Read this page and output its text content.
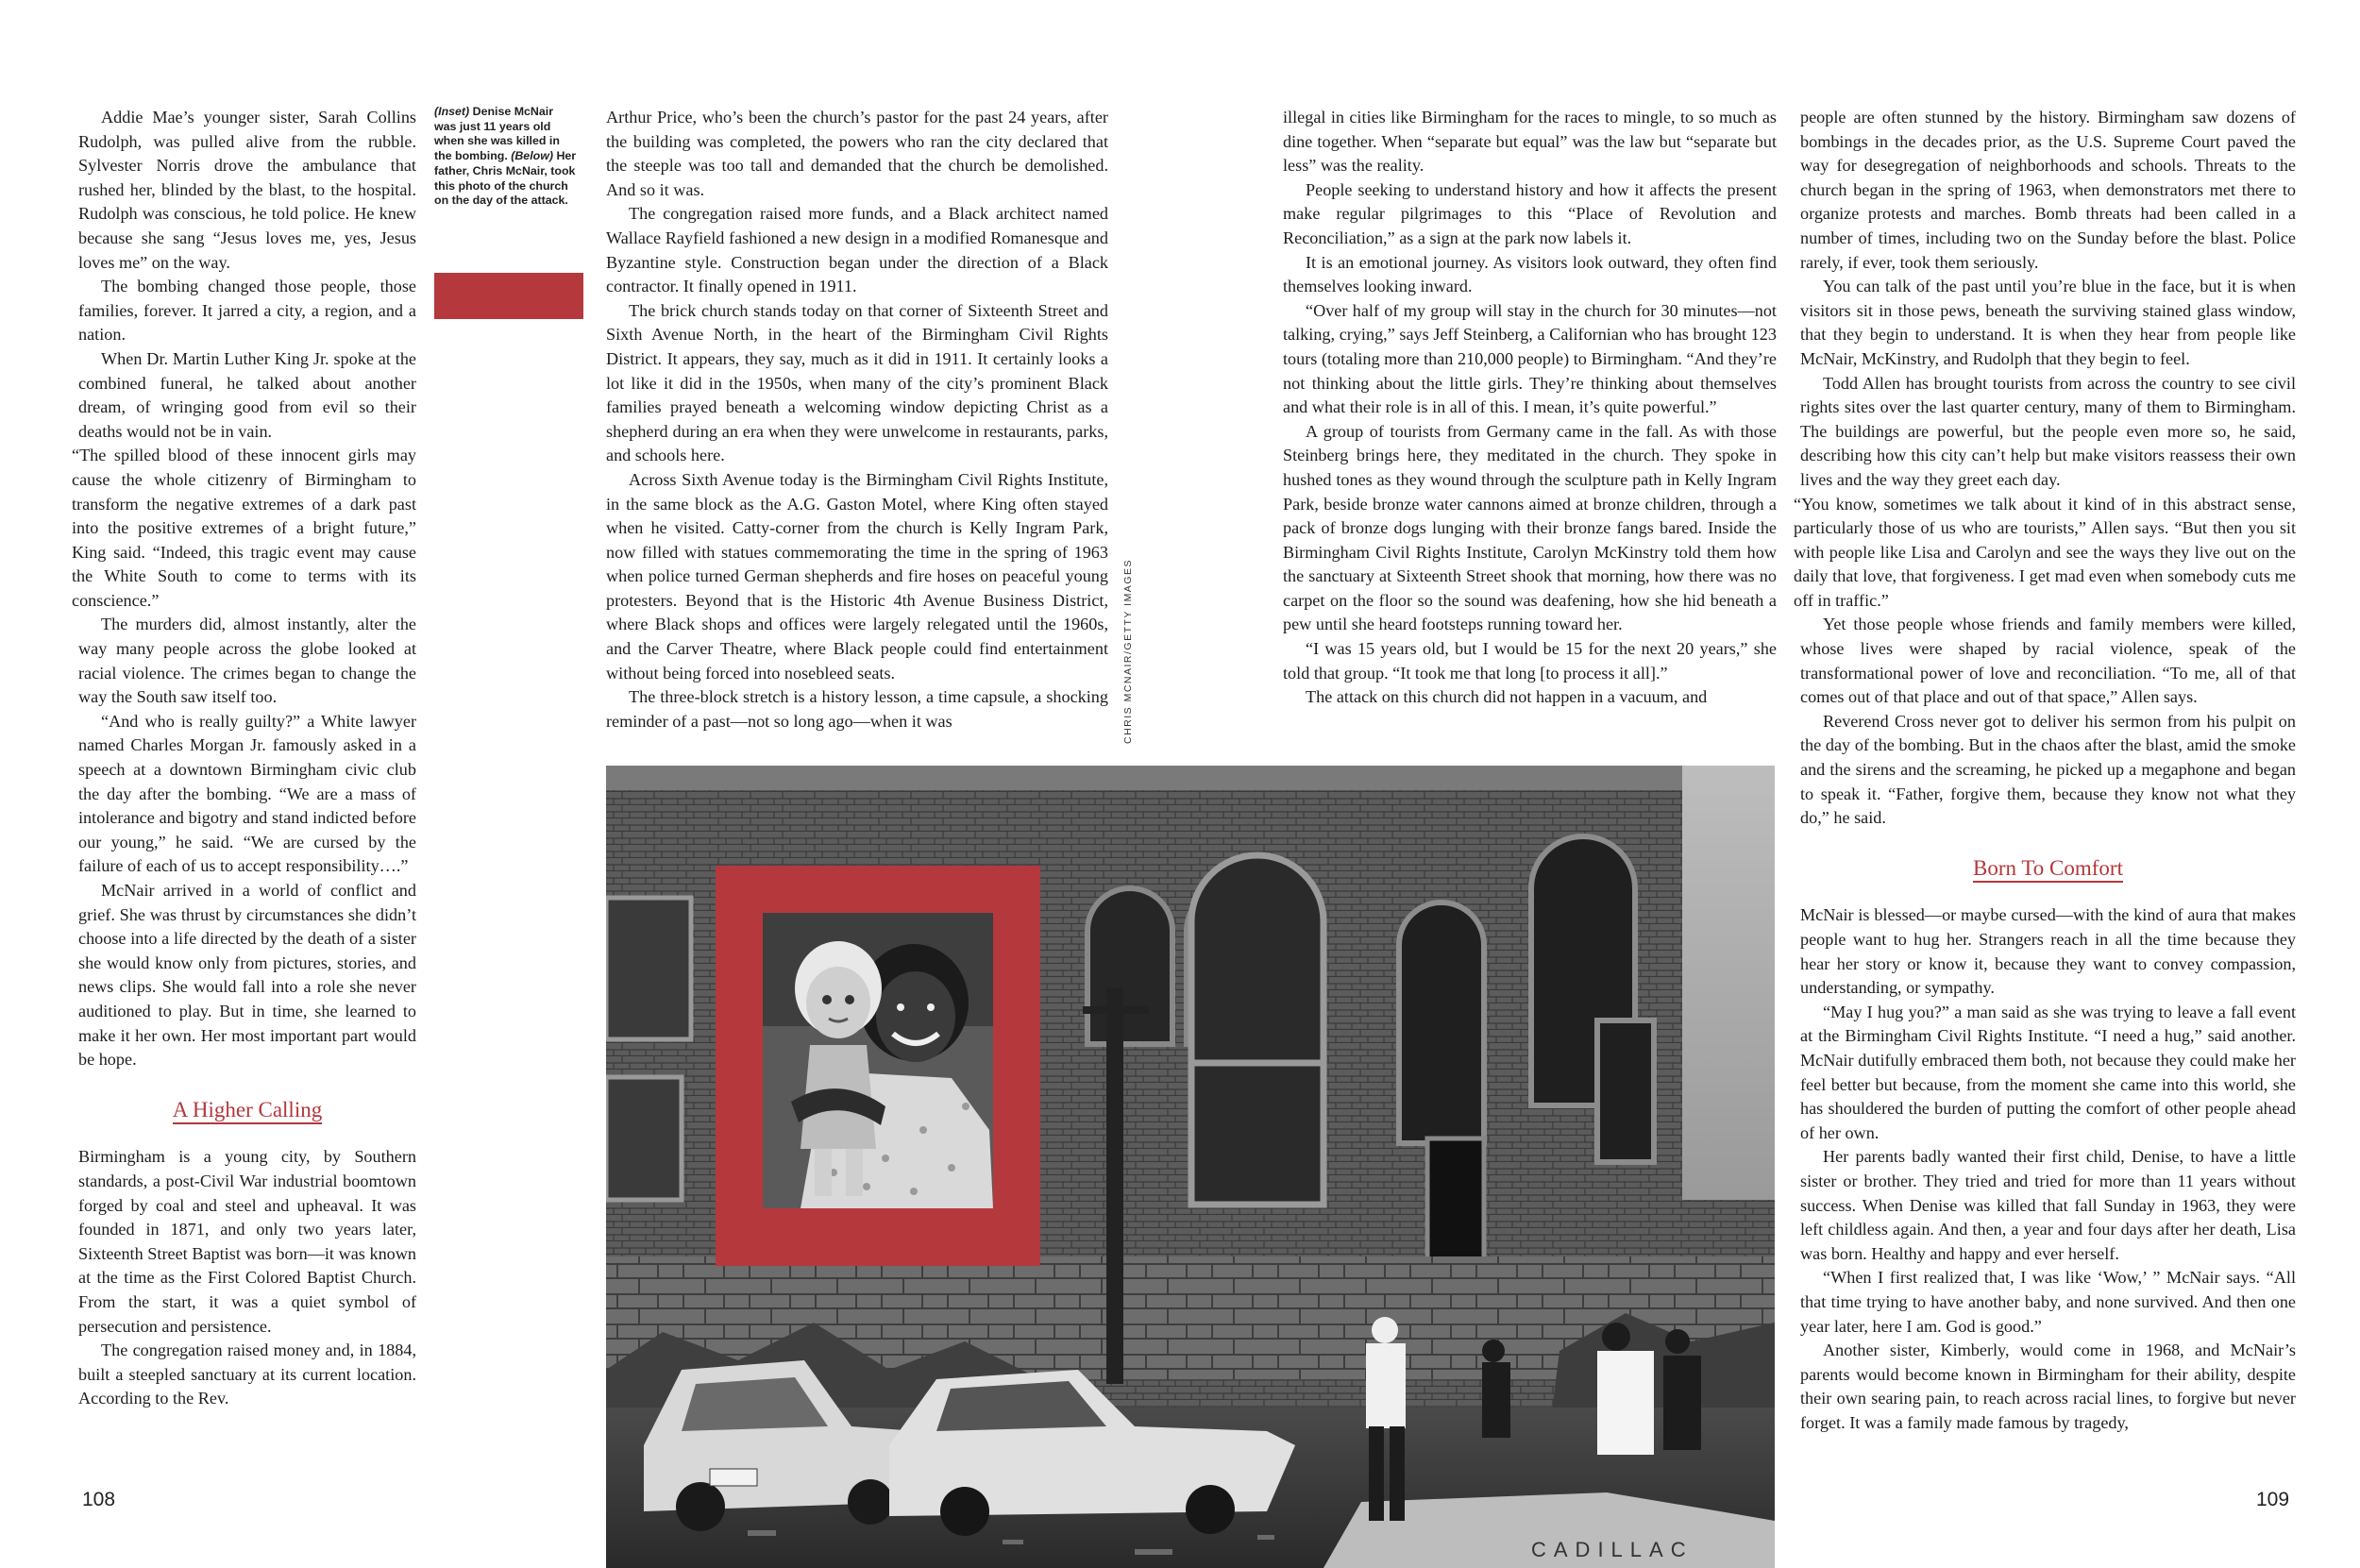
Addie Mae’s younger sister, Sarah Collins Rudolph, was pulled alive from the rubble. Sylvester Norris drove the ambulance that rushed her, blinded by the blast, to the hospital. Rudolph was conscious, he told police. He knew because she sang “Jesus loves me, yes, Jesus loves me” on the way.

The bombing changed those people, those families, forever. It jarred a city, a region, and a nation.

When Dr. Martin Luther King Jr. spoke at the combined funeral, he talked about another dream, of wringing good from evil so their deaths would not be in vain.

“The spilled blood of these innocent girls may cause the whole citizenry of Birmingham to transform the negative extremes of a dark past into the positive extremes of a bright future,” King said. “Indeed, this tragic event may cause the White South to come to terms with its conscience.”

The murders did, almost instantly, alter the way many people across the globe looked at racial violence. The crimes began to change the way the South saw itself too.

“And who is really guilty?” a White lawyer named Charles Morgan Jr. famously asked in a speech at a downtown Birmingham civic club the day after the bombing. “We are a mass of intolerance and bigotry and stand indicted before our young,” he said. “We are cursed by the failure of each of us to accept responsibility….”

McNair arrived in a world of conflict and grief. She was thrust by circumstances she didn’t choose into a life directed by the death of a sister she would know only from pictures, stories, and news clips. She would fall into a role she never auditioned to play. But in time, she learned to make it her own. Her most important part would be hope.

A Higher Calling

Birmingham is a young city, by Southern standards, a post-Civil War industrial boomtown forged by coal and steel and upheaval. It was founded in 1871, and only two years later, Sixteenth Street Baptist was born—it was known at the time as the First Colored Baptist Church. From the start, it was a quiet symbol of persecution and persistence.

The congregation raised money and, in 1884, built a steepled sanctuary at its current location. According to the Rev.

(Inset) Denise McNair was just 11 years old when she was killed in the bombing. (Below) Her father, Chris McNair, took this photo of the church on the day of the attack.

Arthur Price, who’s been the church’s pastor for the past 24 years, after the building was completed, the powers who ran the city declared that the steeple was too tall and demanded that the church be demolished. And so it was.

The congregation raised more funds, and a Black architect named Wallace Rayfield fashioned a new design in a modified Romanesque and Byzantine style. Construction began under the direction of a Black contractor. It finally opened in 1911.

The brick church stands today on that corner of Sixteenth Street and Sixth Avenue North, in the heart of the Birmingham Civil Rights District. It appears, they say, much as it did in 1911. It certainly looks a lot like it did in the 1950s, when many of the city’s prominent Black families prayed beneath a welcoming window depicting Christ as a shepherd during an era when they were unwelcome in restaurants, parks, and schools here.

Across Sixth Avenue today is the Birmingham Civil Rights Institute, in the same block as the A.G. Gaston Motel, where King often stayed when he visited. Catty-corner from the church is Kelly Ingram Park, now filled with statues commemorating the time in the spring of 1963 when police turned German shepherds and fire hoses on peaceful young protesters. Beyond that is the Historic 4th Avenue Business District, where Black shops and offices were largely relegated until the 1960s, and the Carver Theatre, where Black people could find entertainment without being forced into nosebleed seats.

The three-block stretch is a history lesson, a time capsule, a shocking reminder of a past—not so long ago—when it was	CHRIS MCNAIR/GETTY IMAGES

illegal in cities like Birmingham for the races to mingle, to so much as dine together. When “separate but equal” was the law but “separate but less” was the reality.

People seeking to understand history and how it affects the present make regular pilgrimages to this “Place of Revolution and Reconciliation,” as a sign at the park now labels it.

It is an emotional journey. As visitors look outward, they often find themselves looking inward.

“Over half of my group will stay in the church for 30 minutes—not talking, crying,” says Jeff Steinberg, a Californian who has brought 123 tours (totaling more than 210,000 people) to Birmingham. “And they’re not thinking about the little girls. They’re thinking about themselves and what their role is in all of this. I mean, it’s quite powerful.”

A group of tourists from Germany came in the fall. As with those Steinberg brings here, they meditated in the church. They spoke in hushed tones as they wound through the sculpture path in Kelly Ingram Park, beside bronze water cannons aimed at bronze children, through a pack of bronze dogs lunging with their bronze fangs bared. Inside the Birmingham Civil Rights Institute, Carolyn McKinstry told them how the sanctuary at Sixteenth Street shook that morning, how there was no carpet on the floor so the sound was deafening, how she hid beneath a pew until she heard footsteps running toward her.

“I was 15 years old, but I would be 15 for the next 20 years,” she told that group. “It took me that long [to process it all].”

The attack on this church did not happen in a vacuum, and

people are often stunned by the history. Birmingham saw dozens of bombings in the decades prior, as the U.S. Supreme Court paved the way for desegregation of neighborhoods and schools. Threats to the church began in the spring of 1963, when demonstrators met there to organize protests and marches. Bomb threats had been called in a number of times, including two on the Sunday before the blast. Police rarely, if ever, took them seriously.

You can talk of the past until you’re blue in the face, but it is when visitors sit in those pews, beneath the surviving stained glass window, that they begin to understand. It is when they hear from people like McNair, McKinstry, and Rudolph that they begin to feel.

Todd Allen has brought tourists from across the country to see civil rights sites over the last quarter century, many of them to Birmingham. The buildings are powerful, but the people even more so, he said, describing how this city can’t help but make visitors reassess their own lives and the way they greet each day.

“You know, sometimes we talk about it kind of in this abstract sense, particularly those of us who are tourists,” Allen says. “But then you sit with people like Lisa and Carolyn and see the ways they live out on the daily that love, that forgiveness. I get mad even when somebody cuts me off in traffic.”

Yet those people whose friends and family members were killed, whose lives were shaped by racial violence, speak of the transformational power of love and reconciliation. “To me, all of that comes out of that place and out of that space,” Allen says.

Reverend Cross never got to deliver his sermon from his pulpit on the day of the bombing. But in the chaos after the blast, amid the smoke and the sirens and the screaming, he picked up a megaphone and began to speak it. “Father, forgive them, because they know not what they do,” he said.

Born To Comfort

McNair is blessed—or maybe cursed—with the kind of aura that makes people want to hug her. Strangers reach in all the time because they hear her story or know it, because they want to convey compassion, understanding, or sympathy.

“May I hug you?” a man said as she was trying to leave a fall event at the Birmingham Civil Rights Institute. “I need a hug,” said another. McNair dutifully embraced them both, not because they could make her feel better but because, from the moment she came into this world, she has shouldered the burden of putting the comfort of other people ahead of her own.

Her parents badly wanted their first child, Denise, to have a little sister or brother. They tried and tried for more than 11 years without success. When Denise was killed that fall Sunday in 1963, they were left childless again. And then, a year and four days after her death, Lisa was born. Healthy and happy and ever herself.

“When I first realized that, I was like ‘Wow,’ ” McNair says. “All that time trying to have another baby, and none survived. And then one year later, here I am. God is good.”

Another sister, Kimberly, would come in 1968, and McNair’s parents would become known in Birmingham for their ability, despite their own searing pain, to reach across racial lines, to forgive but never forget. It was a family made famous by tragedy,

CADILLAC
108	109
